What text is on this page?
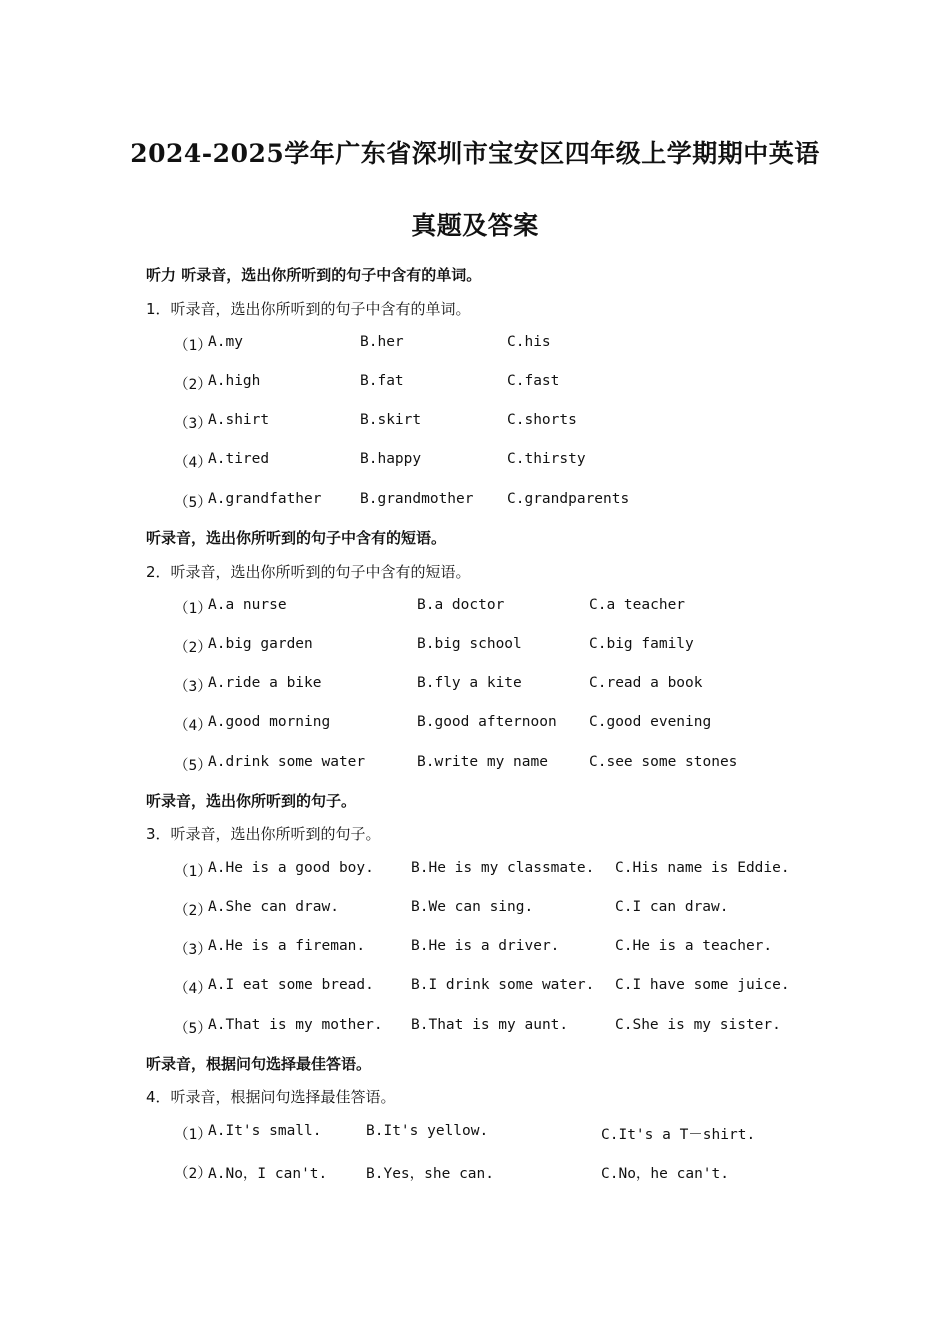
2024-2025学年广东省深圳市宝安区四年级上学期期中英语
真题及答案
听力 听录音，选出你所听到的句子中含有的单词。
1．听录音，选出你所听到的句子中含有的单词。
（1）
A.my	B.her	C.his
（2）
A.high	B.fat	C.fast
（3）
A.shirt	B.skirt	C.shorts
（4）
A.tired	B.happy	C.thirsty
（5）
A.grandfather	B.grandmother C.grandparents
听录音，选出你所听到的句子中含有的短语。
2．听录音，选出你所听到的句子中含有的短语。
（1）
A.a nurse	B.a doctor	C.a teacher
（2）
A.big garden	B.big school	C.big family
（3）
A.ride a bike	B.fly a kite	C.read a book
（4）
A.good morning	B.good afternoon C.good evening
（5）
A.drink some water	B.write my name	C.see some stones
听录音，选出你所听到的句子。
3．听录音，选出你所听到的句子。
（1）
A.He is a good boy.	B.He is my classmate. C.His name is Eddie.
（2）
A.She can draw.	B.We can sing.	C.I can draw.
（3）
A.He is a fireman.	B.He is a driver.	C.He is a teacher.
（4）
A.I eat some bread.	B.I drink some water. C.I have some juice.
（5）
A.That is my mother. B.That is my aunt.	C.She is my sister.
听录音，根据问句选择最佳答语。
4．听录音，根据问句选择最佳答语。
（1）
A.It's small.	B.It's yellow.	C.It's a T－shirt.
（2）
A.No，I can't.	B.Yes，she can.	C.No，he can't.
